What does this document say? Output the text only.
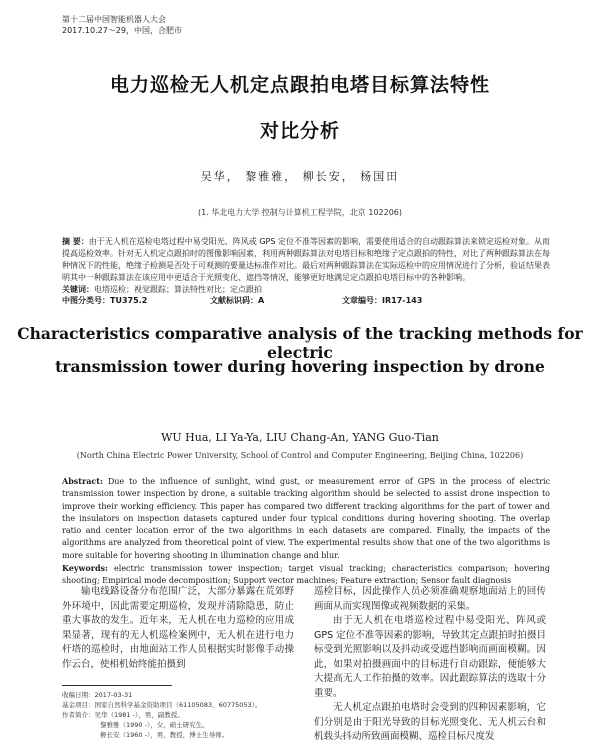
第十二届中国智能机器人大会
2017.10.27～29，中国，合肥市
电力巡检无人机定点跟拍电塔目标算法特性
对比分析
吴华， 黎雅雅， 柳长安， 杨国田
(1. 华北电力大学 控制与计算机工程学院，北京 102206)

摘 要：由于无人机在巡检电塔过程中易受阳光、阵风或 GPS 定位不准等因素的影响，需要使用适合的自动跟踪算法来锁定巡检对象。从而提高巡检效率。针对无人机定点跟拍时的图像影响因素，利用两种跟踪算法对电塔目标和绝缘子定点跟拍的特性，对比了两种跟踪算法在每种情况下的性能，绝缘子检测是否处于可观测的要量达标准作对比。最后对两种跟踪算法在实际巡检中的应用情况进行了分析，验证结果表明其中一种跟踪算法在该应用中更适合于光照变化、遮挡等情况，能够更好地满足定点跟拍电塔目标中的各种影响。

关键词：电塔巡检；视觉跟踪；算法特性对比；定点跟拍

中图分类号：TU375.2	文献标识码：A	文章编号：IR17-143
Characteristics comparative analysis of the tracking methods for electric
transmission tower during hovering inspection by drone
WU Hua, LI Ya-Ya, LIU Chang-An, YANG Guo-Tian
(North China Electric Power University, School of Control and Computer Engineering, Beijing China, 102206)

Abstract: Due to the influence of sunlight, wind gust, or measurement error of GPS in the process of electric transmission tower inspection by drone, a suitable tracking algorithm should be selected to assist drone inspection to improve their working efficiency. This paper has compared two different tracking algorithms for the part of tower and the insulators on inspection datasets captured under four typical conditions during hovering shooting. The overlap ratio and center location error of the two algorithms in each datasets are compared. Finally, the impacts of the algorithms are analyzed from theoretical point of view. The experimental results show that one of the two algorithms is more suitable for hovering shooting in illumination change and blur.

Keywords: electric transmission tower inspection; target visual tracking; characteristics comparison; hovering shooting; Empirical mode decomposition; Support vector machines; Feature extraction; Sensor fault diagnosis

输电线路设备分布范围广泛，大部分暴露在荒郊野外环境中，因此需要定期巡检，发现并清除隐患，防止重大事故的发生。近年来，无人机在电力巡检的应用成果显著，现有的无人机巡检案例中，无人机在进行电力杆塔的巡检时，由地面站工作人员根据实时影像手动操作云台，使相机始终能拍摄到

巡检目标，因此操作人员必须准确观察地面站上的回传画面从而实现图像或视频数据的采集。

由于无人机在电塔巡检过程中易受阳光、阵风或 GPS 定位不准等因素的影响，导致其定点跟拍时拍摄目标受到光照影响以及抖动或受遮挡影响而画面模糊。因此，如果对拍摄画面中的目标进行自动跟踪，便能够大大提高无人工作拍摄的效率。因此跟踪算法的选取十分重要。

无人机定点跟拍电塔时会受到的四种因素影响，它们分别是由于阳光导致的目标光照变化、无人机云台和机载头抖动所致画面模糊、巡检目标尺度发

收稿日期：2017-03-31
基金项目：国家自然科学基金资助项目（61105083，60775053）。
作者简介：吴华（1981 -），男，副教授。
黎雅雅（1990 -），女，硕士研究生。
柳长安（1960 -），男，教授，博士生导师。
